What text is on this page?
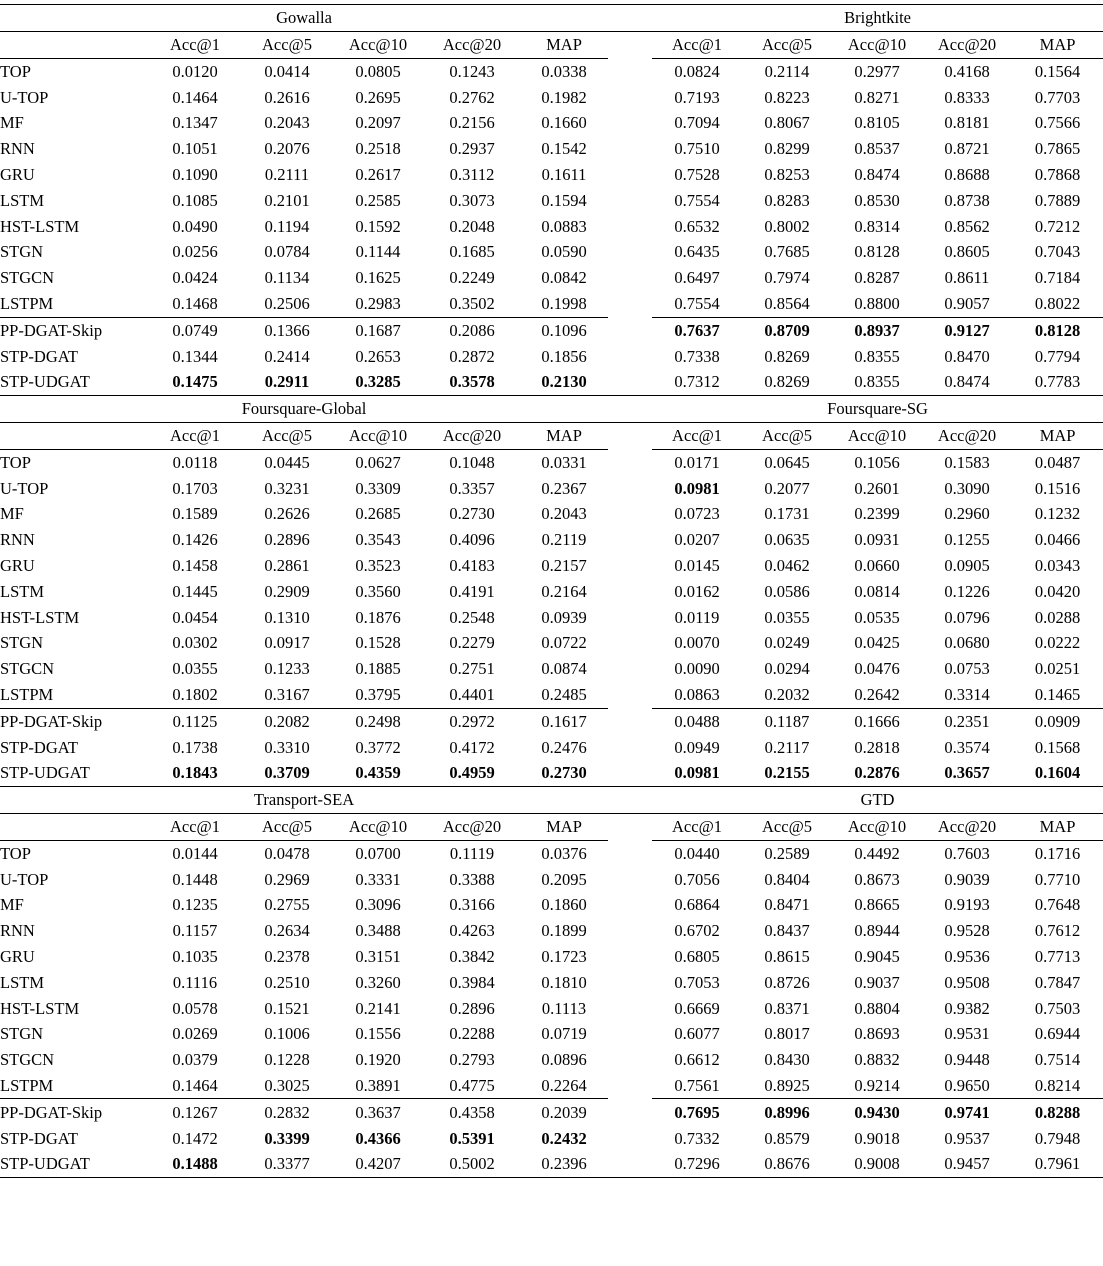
Gowalla							Brightkite				
	Acc@1	Acc@5	Acc@10	Acc@20	MAP		Acc@1	Acc@5	Acc@10	Acc@20	MAP
TOP	0.0120	0.0414	0.0805	0.1243	0.0338		0.0824	0.2114	0.2977	0.4168	0.1564
U-TOP	0.1464	0.2616	0.2695	0.2762	0.1982		0.7193	0.8223	0.8271	0.8333	0.7703
MF	0.1347	0.2043	0.2097	0.2156	0.1660		0.7094	0.8067	0.8105	0.8181	0.7566
RNN	0.1051	0.2076	0.2518	0.2937	0.1542		0.7510	0.8299	0.8537	0.8721	0.7865
GRU	0.1090	0.2111	0.2617	0.3112	0.1611		0.7528	0.8253	0.8474	0.8688	0.7868
LSTM	0.1085	0.2101	0.2585	0.3073	0.1594		0.7554	0.8283	0.8530	0.8738	0.7889
HST-LSTM	0.0490	0.1194	0.1592	0.2048	0.0883		0.6532	0.8002	0.8314	0.8562	0.7212
STGN	0.0256	0.0784	0.1144	0.1685	0.0590		0.6435	0.7685	0.8128	0.8605	0.7043
STGCN	0.0424	0.1134	0.1625	0.2249	0.0842		0.6497	0.7974	0.8287	0.8611	0.7184
LSTPM	0.1468	0.2506	0.2983	0.3502	0.1998		0.7554	0.8564	0.8800	0.9057	0.8022
PP-DGAT-Skip	0.0749	0.1366	0.1687	0.2086	0.1096		0.7637	0.8709	0.8937	0.9127	0.8128
STP-DGAT	0.1344	0.2414	0.2653	0.2872	0.1856		0.7338	0.8269	0.8355	0.8470	0.7794
STP-UDGAT	0.1475	0.2911	0.3285	0.3578	0.2130		0.7312	0.8269	0.8355	0.8474	0.7783
Foursquare-Global							Foursquare-SG				
	Acc@1	Acc@5	Acc@10	Acc@20	MAP		Acc@1	Acc@5	Acc@10	Acc@20	MAP
TOP	0.0118	0.0445	0.0627	0.1048	0.0331		0.0171	0.0645	0.1056	0.1583	0.0487
U-TOP	0.1703	0.3231	0.3309	0.3357	0.2367		0.0981	0.2077	0.2601	0.3090	0.1516
MF	0.1589	0.2626	0.2685	0.2730	0.2043		0.0723	0.1731	0.2399	0.2960	0.1232
RNN	0.1426	0.2896	0.3543	0.4096	0.2119		0.0207	0.0635	0.0931	0.1255	0.0466
GRU	0.1458	0.2861	0.3523	0.4183	0.2157		0.0145	0.0462	0.0660	0.0905	0.0343
LSTM	0.1445	0.2909	0.3560	0.4191	0.2164		0.0162	0.0586	0.0814	0.1226	0.0420
HST-LSTM	0.0454	0.1310	0.1876	0.2548	0.0939		0.0119	0.0355	0.0535	0.0796	0.0288
STGN	0.0302	0.0917	0.1528	0.2279	0.0722		0.0070	0.0249	0.0425	0.0680	0.0222
STGCN	0.0355	0.1233	0.1885	0.2751	0.0874		0.0090	0.0294	0.0476	0.0753	0.0251
LSTPM	0.1802	0.3167	0.3795	0.4401	0.2485		0.0863	0.2032	0.2642	0.3314	0.1465
PP-DGAT-Skip	0.1125	0.2082	0.2498	0.2972	0.1617		0.0488	0.1187	0.1666	0.2351	0.0909
STP-DGAT	0.1738	0.3310	0.3772	0.4172	0.2476		0.0949	0.2117	0.2818	0.3574	0.1568
STP-UDGAT	0.1843	0.3709	0.4359	0.4959	0.2730		0.0981	0.2155	0.2876	0.3657	0.1604
Transport-SEA							GTD				
	Acc@1	Acc@5	Acc@10	Acc@20	MAP		Acc@1	Acc@5	Acc@10	Acc@20	MAP
TOP	0.0144	0.0478	0.0700	0.1119	0.0376		0.0440	0.2589	0.4492	0.7603	0.1716
U-TOP	0.1448	0.2969	0.3331	0.3388	0.2095		0.7056	0.8404	0.8673	0.9039	0.7710
MF	0.1235	0.2755	0.3096	0.3166	0.1860		0.6864	0.8471	0.8665	0.9193	0.7648
RNN	0.1157	0.2634	0.3488	0.4263	0.1899		0.6702	0.8437	0.8944	0.9528	0.7612
GRU	0.1035	0.2378	0.3151	0.3842	0.1723		0.6805	0.8615	0.9045	0.9536	0.7713
LSTM	0.1116	0.2510	0.3260	0.3984	0.1810		0.7053	0.8726	0.9037	0.9508	0.7847
HST-LSTM	0.0578	0.1521	0.2141	0.2896	0.1113		0.6669	0.8371	0.8804	0.9382	0.7503
STGN	0.0269	0.1006	0.1556	0.2288	0.0719		0.6077	0.8017	0.8693	0.9531	0.6944
STGCN	0.0379	0.1228	0.1920	0.2793	0.0896		0.6612	0.8430	0.8832	0.9448	0.7514
LSTPM	0.1464	0.3025	0.3891	0.4775	0.2264		0.7561	0.8925	0.9214	0.9650	0.8214
PP-DGAT-Skip	0.1267	0.2832	0.3637	0.4358	0.2039		0.7695	0.8996	0.9430	0.9741	0.8288
STP-DGAT	0.1472	0.3399	0.4366	0.5391	0.2432		0.7332	0.8579	0.9018	0.9537	0.7948
STP-UDGAT	0.1488	0.3377	0.4207	0.5002	0.2396		0.7296	0.8676	0.9008	0.9457	0.7961
